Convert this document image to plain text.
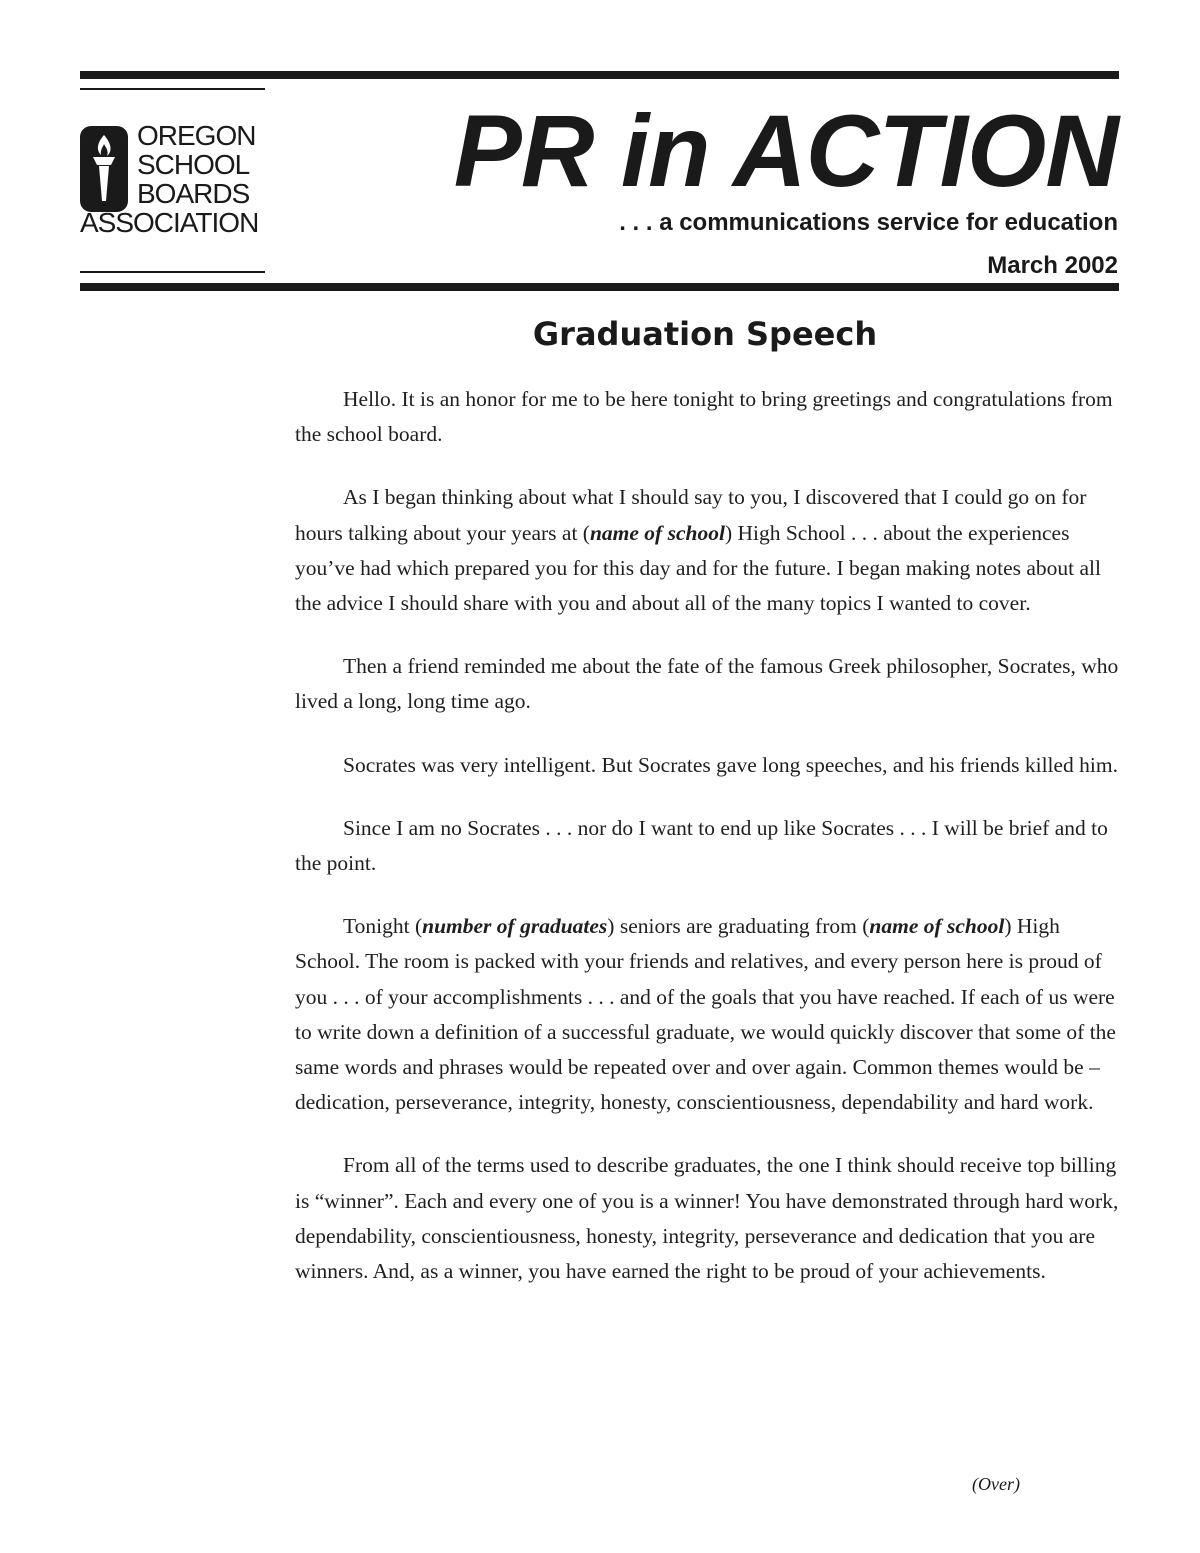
OREGON
SCHOOL
BOARDS
ASSOCIATION
PR in ACTION
. . . a communications service for education
March 2002
Graduation Speech

Hello. It is an honor for me to be here tonight to bring greetings and congratulations from the school board.

As I began thinking about what I should say to you, I discovered that I could go on for hours talking about your years at (name of school) High School . . . about the experiences you’ve had which prepared you for this day and for the future. I began making notes about all the advice I should share with you and about all of the many topics I wanted to cover.

Then a friend reminded me about the fate of the famous Greek philosopher, Socrates, who lived a long, long time ago.

Socrates was very intelligent. But Socrates gave long speeches, and his friends killed him.

Since I am no Socrates . . . nor do I want to end up like Socrates . . . I will be brief and to the point.

Tonight (number of graduates) seniors are graduating from (name of school) High School. The room is packed with your friends and relatives, and every person here is proud of you . . . of your accomplishments . . . and of the goals that you have reached. If each of us were to write down a definition of a successful graduate, we would quickly discover that some of the same words and phrases would be repeated over and over again. Common themes would be – dedication, perseverance, integrity, honesty, conscientiousness, dependability and hard work.

From all of the terms used to describe graduates, the one I think should receive top billing is “winner”. Each and every one of you is a winner! You have demonstrated through hard work, dependability, conscientiousness, honesty, integrity, perseverance and dedication that you are winners. And, as a winner, you have earned the right to be proud of your achievements.

(Over)
